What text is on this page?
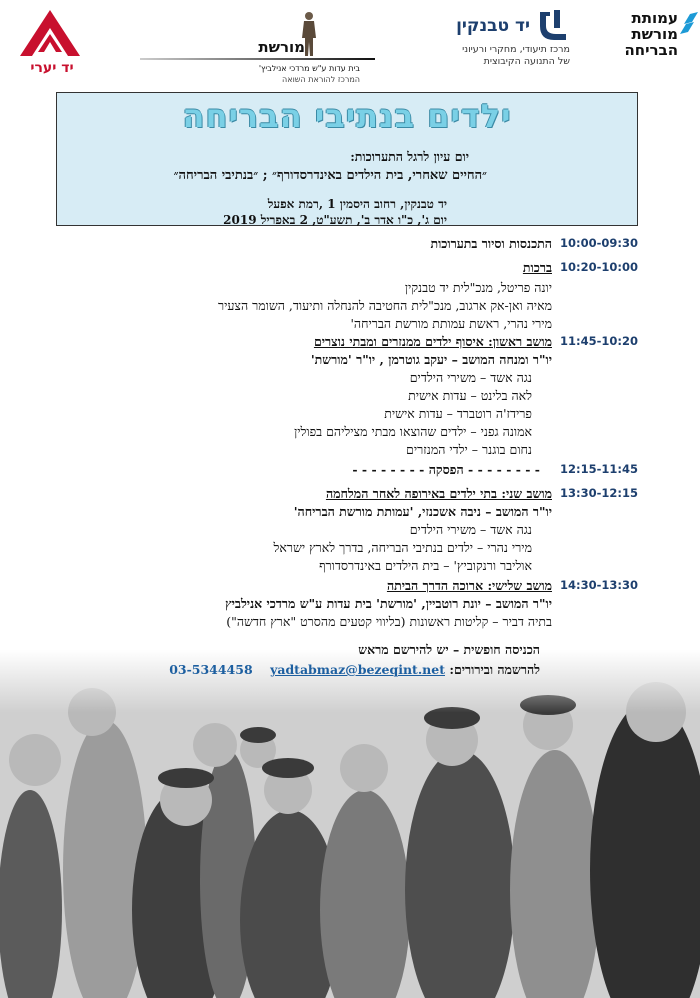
עמותת
מורשת
הבריחה
יד טבנקין
מרכז תיעודי, מחקרי ורעיוני
של התנועה הקיבוצית
מורשת
בית עדות ע"ש מרדכי אנילביץ'
המרכז להוראת השואה
יד יערי
ילדים בנתיבי הבריחה
יום עיון לרגל התערוכות:
״החיים שאחרי, בית הילדים באינדרסדורף״ ; ״בנתיבי הבריחה״
יד טבנקין, רחוב היסמין 1 ,רמת אפעל
יום ג', כ"ו אדר ב', תשע"ט, 2 באפריל 2019
10:00-09:30
התכנסות וסיור בתערוכות
10:20-10:00
ברכות
יונה פריטל, מנכ"לית יד טבנקין
מאיה ואן-אק ארגוב, מנכ"לית החטיבה להנחלה ותיעוד, השומר הצעיר
מירי נהרי, ראשת עמותת מורשת הבריחה'
11:45-10:20
מושב ראשון: איסוף ילדים ממנזרים ומבתי נוצרים
יו"ר ומנחה המושב – יעקב גוטרמן , יו"ר 'מורשת'
נגה אשד – משירי הילדים
לאה בלינט – עדות אישית
פרידז'ה רוטברד – עדות אישית
אמונה גפני – ילדים שהוצאו מבתי מציליהם בפולין
נחום בוגנר – ילדי המנזרים
12:15-11:45
- - - - - - - - הפסקה - - - - - - - -
13:30-12:15
מושב שני: בתי ילדים באירופה לאחר המלחמה
יו"ר המושב – ניבה אשכנזי, 'עמותת מורשת הבריחה'
נגה אשד – משירי הילדים
מירי נהרי – ילדים בנתיבי הבריחה, בדרך לארץ ישראל
אוליבר ורנקוביץ' – בית הילדים באינדרסדורף
14:30-13:30
מושב שלישי: ארוכה הדרך הביתה
יו"ר המושב – יונת רוטביין, 'מורשת' בית עדות ע"ש מרדכי אנילביץ
בתיה דביר – קליטות ראשונות (בליווי קטעים מהסרט "ארץ חדשה")
הכניסה חופשית – יש להירשם מראש
להרשמה ובירורים: 03-5344458 yadtabmaz@bezeqint.net
